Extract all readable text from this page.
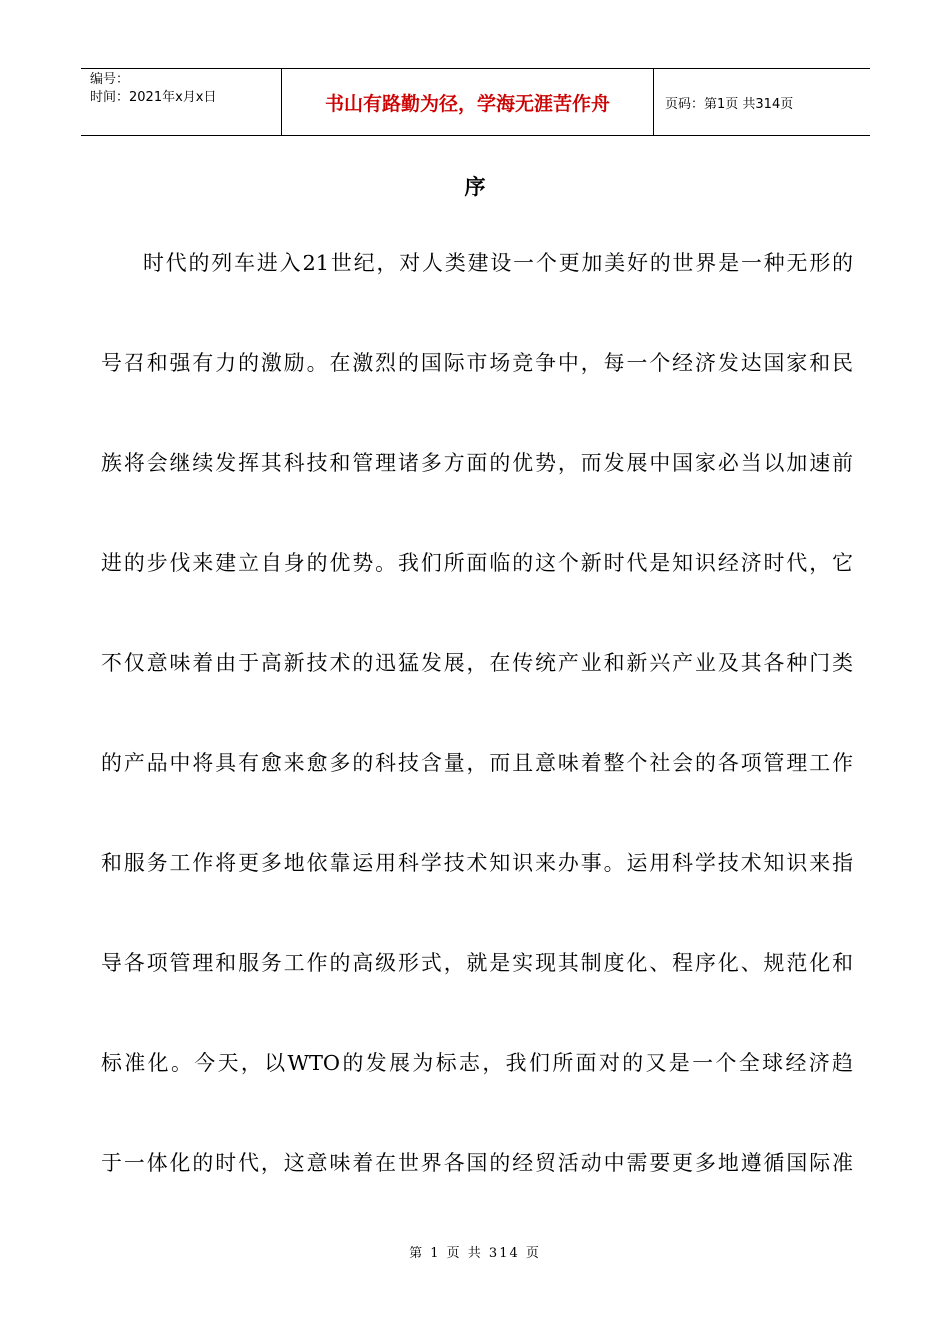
编号：
时间：2021年x月x日	书山有路勤为径，学海无涯苦作舟	页码：第1页 共314页
序
时代的列车进入21世纪，对人类建设一个更加美好的世界是一种无形的
号召和强有力的激励。在激烈的国际市场竞争中，每一个经济发达国家和民
族将会继续发挥其科技和管理诸多方面的优势，而发展中国家必当以加速前
进的步伐来建立自身的优势。我们所面临的这个新时代是知识经济时代，它
不仅意味着由于高新技术的迅猛发展，在传统产业和新兴产业及其各种门类
的产品中将具有愈来愈多的科技含量，而且意味着整个社会的各项管理工作
和服务工作将更多地依靠运用科学技术知识来办事。运用科学技术知识来指
导各项管理和服务工作的高级形式，就是实现其制度化、程序化、规范化和
标准化。今天，以WTO的发展为标志，我们所面对的又是一个全球经济趋
于一体化的时代，这意味着在世界各国的经贸活动中需要更多地遵循国际准
第 1 页 共 314 页
